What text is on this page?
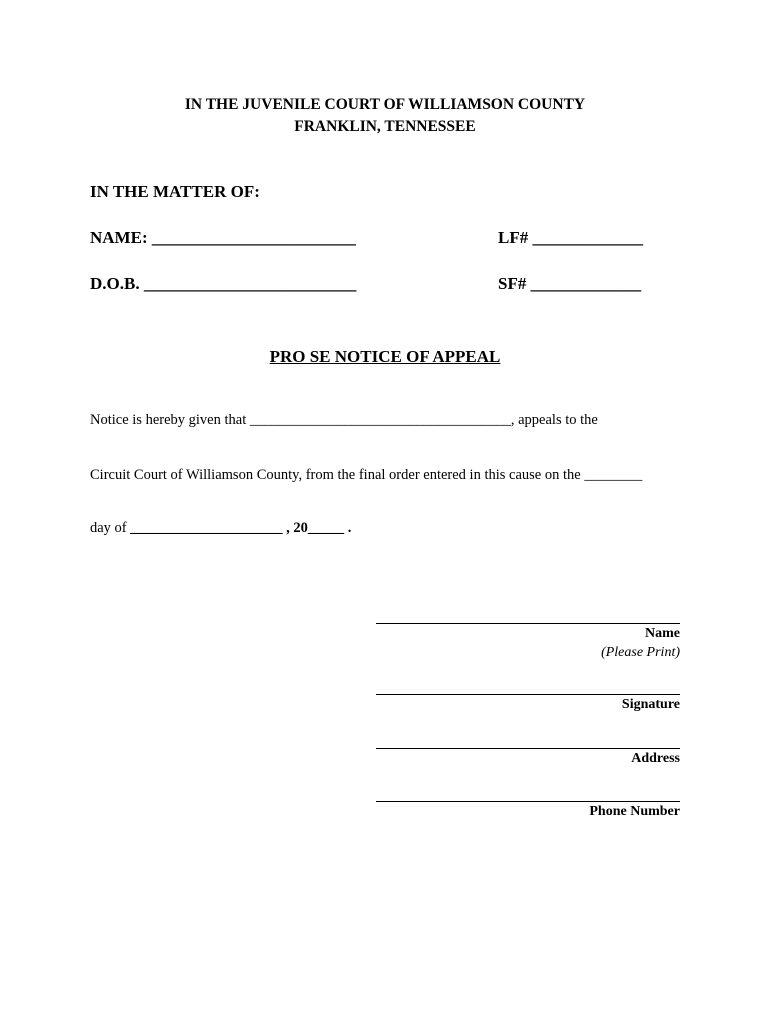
IN THE JUVENILE COURT OF WILLIAMSON COUNTY
FRANKLIN, TENNESSEE
IN THE MATTER OF:
NAME: ________________________	LF# _____________
D.O.B. _________________________	SF# _____________
PRO SE NOTICE OF APPEAL
Notice is hereby given that ____________________________________, appeals to the
Circuit Court of Williamson County, from the final order entered in this cause on the ________
day of _____________________ , 20_____ .
Name
(Please Print)
Signature
Address
Phone Number
